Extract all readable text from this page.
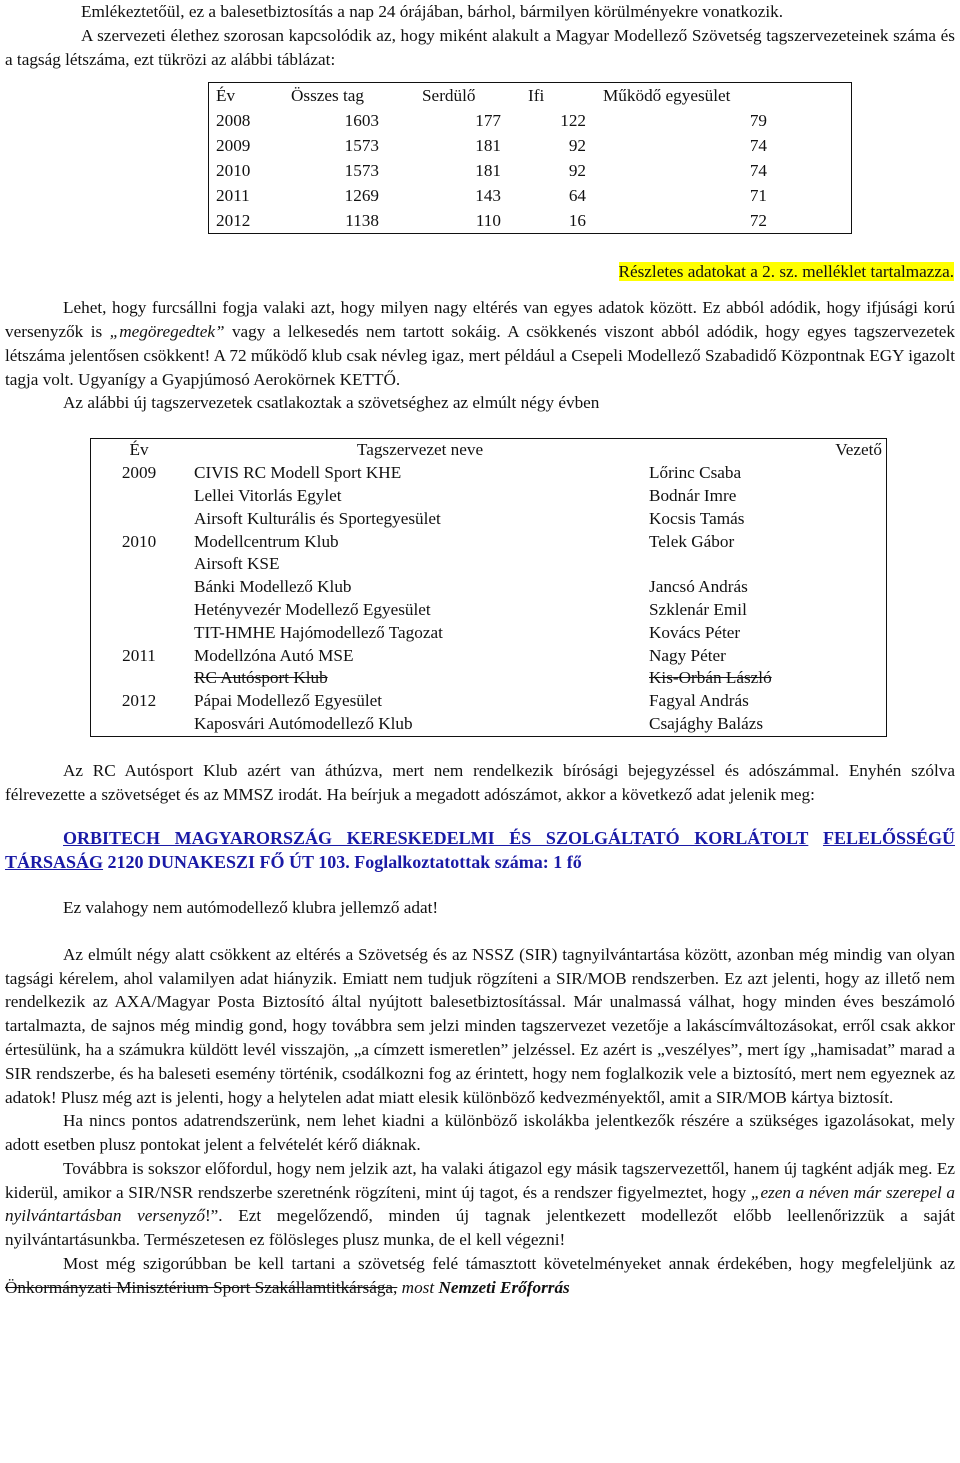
Emlékeztetőül, ez a balesetbiztosítás a nap 24 órájában, bárhol, bármilyen körülményekre vonatkozik.

A szervezeti élethez szorosan kapcsolódik az, hogy miként alakult a Magyar Modellező Szövetség tagszervezeteinek száma és a tagság létszáma, ezt tükrözi az alábbi táblázat:

Év	Összes tag	Serdülő	Ifi	Működő egyesület
2008	1603	177	122	79
2009	1573	181	92	74
2010	1573	181	92	74
2011	1269	143	64	71
2012	1138	110	16	72

Részletes adatokat a 2. sz. melléklet tartalmazza.

Lehet, hogy furcsállni fogja valaki azt, hogy milyen nagy eltérés van egyes adatok között. Ez abból adódik, hogy ifjúsági korú versenyzők is „megöregedtek” vagy a lelkesedés nem tartott sokáig. A csökkenés viszont abból adódik, hogy egyes tagszervezetek létszáma jelentősen csökkent! A 72 működő klub csak névleg igaz, mert például a Csepeli Modellező Szabadidő Központnak EGY igazolt tagja volt. Ugyanígy a Gyapjúmosó Aerokörnek KETTŐ.

Az alábbi új tagszervezetek csatlakoztak a szövetséghez az elmúlt négy évben

Év	Tagszervezet neve	Vezető
2009	CIVIS RC Modell Sport KHE	Lőrinc Csaba
	Lellei Vitorlás Egylet	Bodnár Imre
	Airsoft Kulturális és Sportegyesület	Kocsis Tamás
2010	Modellcentrum Klub	Telek Gábor
	Airsoft KSE	
	Bánki Modellező Klub	Jancsó András
	Hetényvezér Modellező Egyesület	Szklenár Emil
	TIT-HMHE Hajómodellező Tagozat	Kovács Péter
2011	Modellzóna Autó MSE	Nagy Péter
	RC Autósport Klub	Kis-Orbán László
2012	Pápai Modellező Egyesület	Fagyal András
	Kaposvári Autómodellező Klub	Csajághy Balázs

Az RC Autósport Klub azért van áthúzva, mert nem rendelkezik bírósági bejegyzéssel és adószámmal. Enyhén szólva félrevezette a szövetséget és az MMSZ irodát. Ha beírjuk a megadott adószámot, akkor a következő adat jelenik meg:

ORBITECH MAGYARORSZÁG KERESKEDELMI ÉS SZOLGÁLTATÓ KORLÁTOLT FELELŐSSÉGŰ TÁRSASÁG 2120 DUNAKESZI FŐ ÚT 103. Foglalkoztatottak száma: 1 fő

Ez valahogy nem autómodellező klubra jellemző adat!

Az elmúlt négy alatt csökkent az eltérés a Szövetség és az NSSZ (SIR) tagnyilvántartása között, azonban még mindig van olyan tagsági kérelem, ahol valamilyen adat hiányzik. Emiatt nem tudjuk rögzíteni a SIR/MOB rendszerben. Ez azt jelenti, hogy az illető nem rendelkezik az AXA/Magyar Posta Biztosító által nyújtott balesetbiztosítással. Már unalmassá válhat, hogy minden éves beszámoló tartalmazta, de sajnos még mindig gond, hogy továbbra sem jelzi minden tagszervezet vezetője a lakáscímváltozásokat, erről csak akkor értesülünk, ha a számukra küldött levél visszajön, „a címzett ismeretlen” jelzéssel. Ez azért is „veszélyes”, mert így „hamisadat” marad a SIR rendszerbe, és ha baleseti esemény történik, csodálkozni fog az érintett, hogy nem foglalkozik vele a biztosító, mert nem egyeznek az adatok! Plusz még azt is jelenti, hogy a helytelen adat miatt elesik különböző kedvezményektől, amit a SIR/MOB kártya biztosít.

Ha nincs pontos adatrendszerünk, nem lehet kiadni a különböző iskolákba jelentkezők részére a szükséges igazolásokat, mely adott esetben plusz pontokat jelent a felvételét kérő diáknak.

Továbbra is sokszor előfordul, hogy nem jelzik azt, ha valaki átigazol egy másik tagszervezettől, hanem új tagként adják meg. Ez kiderül, amikor a SIR/NSR rendszerbe szeretnénk rögzíteni, mint új tagot, és a rendszer figyelmeztet, hogy „ezen a néven már szerepel a nyilvántartásban versenyző!”. Ezt megelőzendő, minden új tagnak jelentkezett modellezőt előbb leellenőrizzük a saját nyilvántartásunkba. Természetesen ez fölösleges plusz munka, de el kell végezni!

Most még szigorúbban be kell tartani a szövetség felé támasztott követelményeket annak érdekében, hogy megfeleljünk az Önkormányzati Minisztérium Sport Szakállamtitkársága, most Nemzeti Erőforrás
